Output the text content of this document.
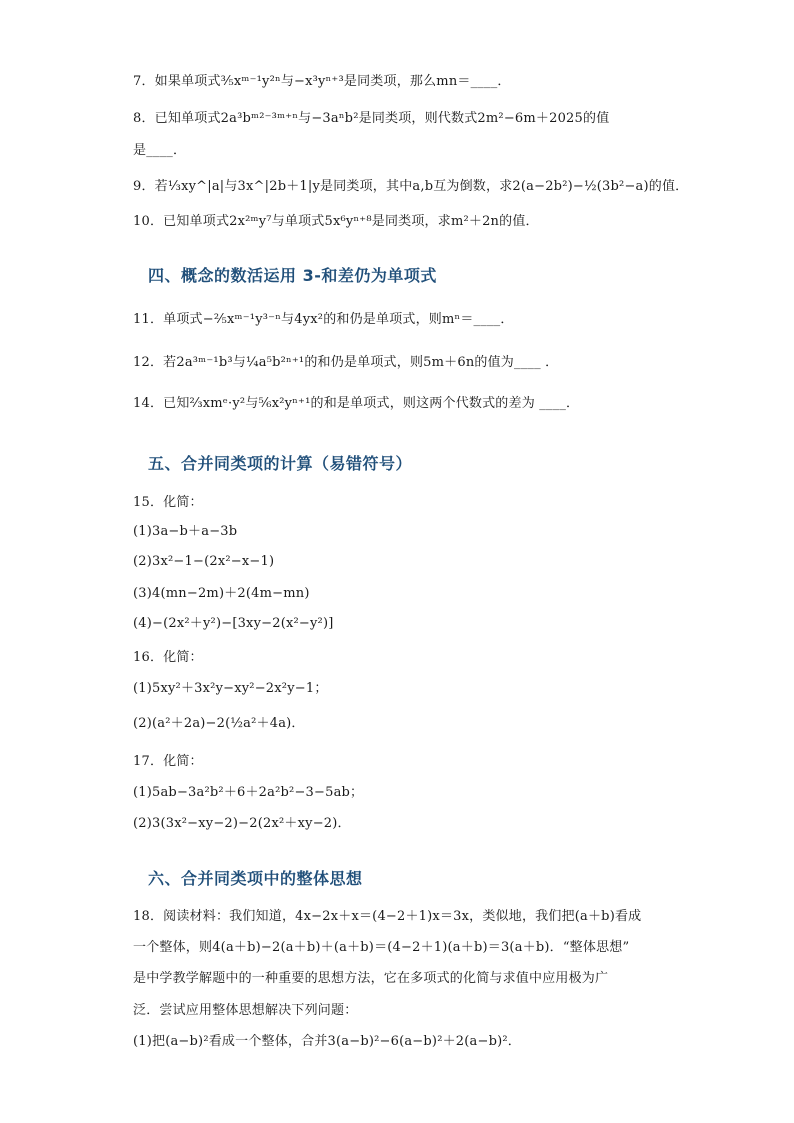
7．如果单项式³⁄₅xᵐ⁻¹y²ⁿ与−x³yⁿ⁺³是同类项，那么mn＝____．
8．已知单项式2a³bᵐ²⁻³ᵐ⁺ⁿ与−3aⁿb²是同类项，则代数式2m²−6m＋2025的值
是____．
9．若¹⁄₃xy^|a|与3x^|2b＋1|y是同类项，其中a,b互为倒数，求2(a−2b²)−½(3b²−a)的值．
10．已知单项式2x²ᵐy⁷与单项式5x⁶yⁿ⁺⁸是同类项，求m²＋2n的值．
四、概念的数活运用 3-和差仍为单项式
11．单项式−²⁄₅xᵐ⁻¹y³⁻ⁿ与4yx²的和仍是单项式，则mⁿ＝____．
12．若2a³ᵐ⁻¹b³与¼a⁵b²ⁿ⁺¹的和仍是单项式，则5m＋6n的值为____ ．
14．已知²⁄₃xmᵉ·y²与⁵⁄₆x²yⁿ⁺¹的和是单项式，则这两个代数式的差为 ____．
五、合并同类项的计算（易错符号）
15．化简：
(1)3a−b＋a−3b
(2)3x²−1−(2x²−x−1)
(3)4(mn−2m)＋2(4m−mn)
(4)−(2x²＋y²)−[3xy−2(x²−y²)]
16．化简：
(1)5xy²＋3x²y−xy²−2x²y−1；
(2)(a²＋2a)−2(½a²＋4a)．
17．化简：
(1)5ab−3a²b²＋6＋2a²b²−3−5ab；
(2)3(3x²−xy−2)−2(2x²＋xy−2)．
六、合并同类项中的整体思想
18．阅读材料：我们知道，4x−2x＋x＝(4−2＋1)x＝3x，类似地，我们把(a＋b)看成
一个整体，则4(a＋b)−2(a＋b)＋(a＋b)＝(4−2＋1)(a＋b)＝3(a＋b)．“整体思想”
是中学教学解题中的一种重要的思想方法，它在多项式的化简与求值中应用极为广
泛．尝试应用整体思想解决下列问题：
(1)把(a−b)²看成一个整体，合并3(a−b)²−6(a−b)²＋2(a−b)²．
